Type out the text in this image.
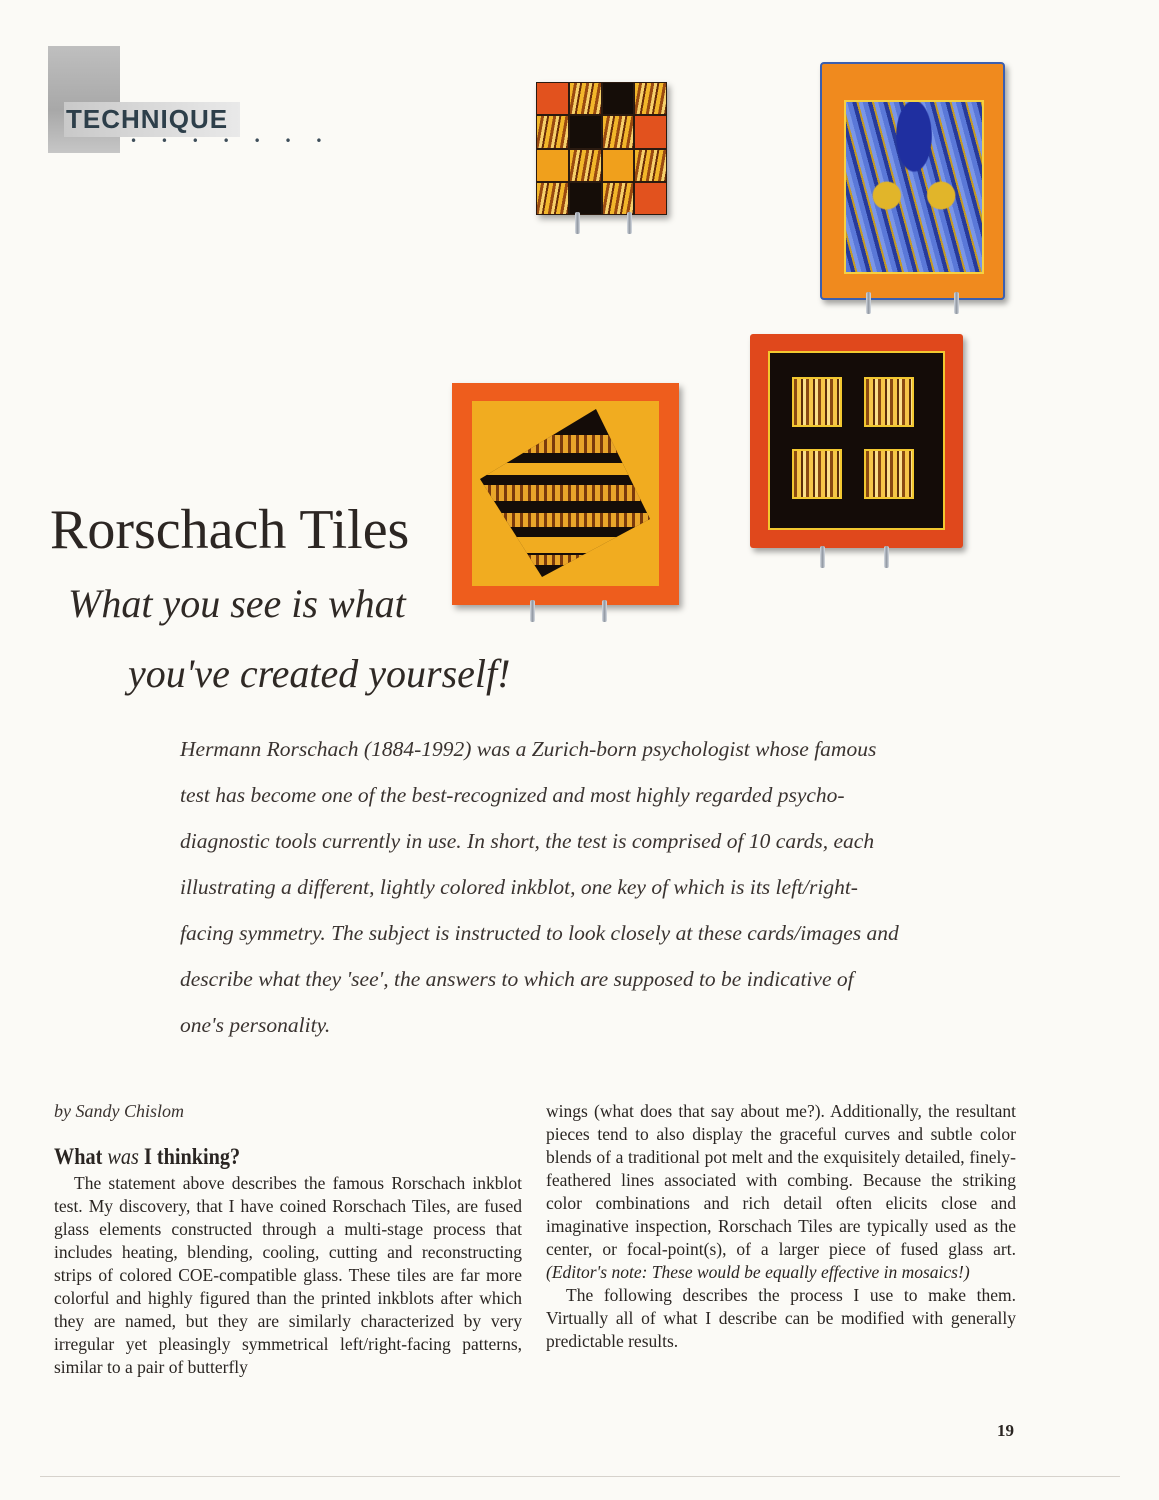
TECHNIQUE
• • • • • • •
Rorschach Tiles
What you see is what
you've created yourself!

Hermann Rorschach (1884-1992) was a Zurich-born psychologist whose famous test has become one of the best-recognized and most highly regarded psycho-diagnostic tools currently in use. In short, the test is comprised of 10 cards, each illustrating a different, lightly colored inkblot, one key of which is its left/right-facing symmetry. The subject is instructed to look closely at these cards/images and describe what they 'see', the answers to which are supposed to be indicative of one's personality.

by Sandy Chislom

What was I thinking?

The statement above describes the famous Rorschach inkblot test. My discovery, that I have coined Rorschach Tiles, are fused glass elements constructed through a multi-stage process that includes heating, blending, cooling, cutting and reconstructing strips of colored COE-compatible glass. These tiles are far more colorful and highly figured than the printed inkblots after which they are named, but they are similarly characterized by very irregular yet pleasingly symmetrical left/right-facing patterns, similar to a pair of butterfly

wings (what does that say about me?). Additionally, the resultant pieces tend to also display the graceful curves and subtle color blends of a traditional pot melt and the exquisitely detailed, finely-feathered lines associated with combing. Because the striking color combinations and rich detail often elicits close and imaginative inspection, Rorschach Tiles are typically used as the center, or focal-point(s), of a larger piece of fused glass art. (Editor's note: These would be equally effective in mosaics!)

The following describes the process I use to make them. Virtually all of what I describe can be modified with generally predictable results.

19
